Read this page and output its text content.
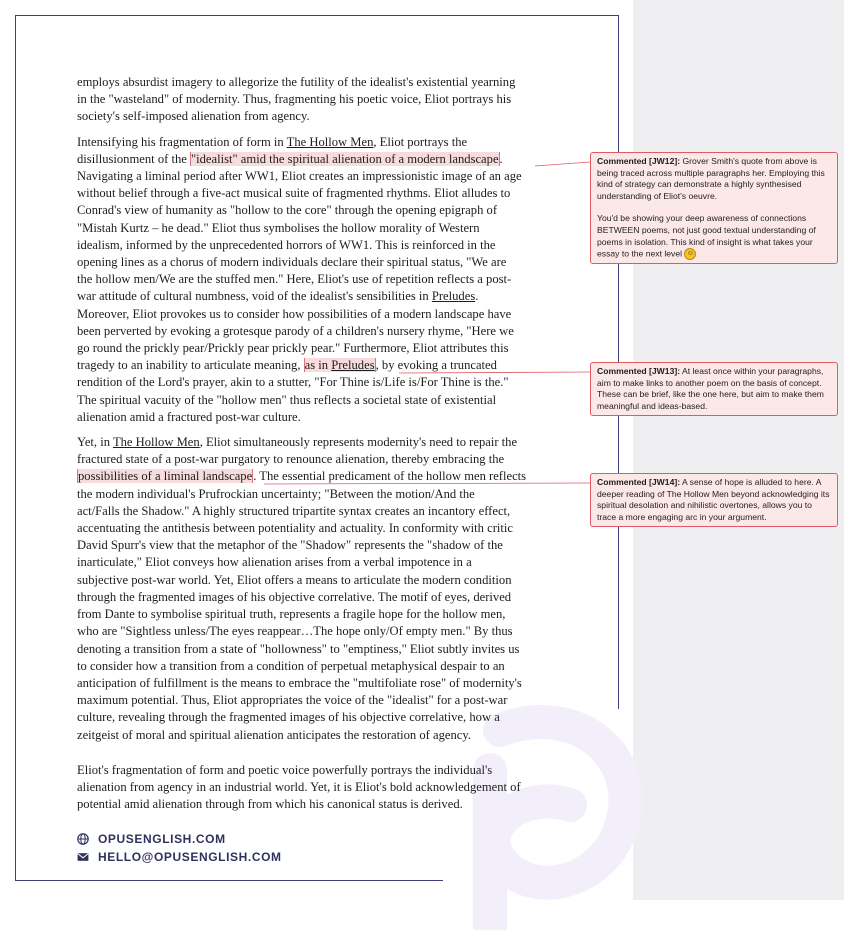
employs absurdist imagery to allegorize the futility of the idealist's existential yearning
in the "wasteland" of modernity. Thus, fragmenting his poetic voice, Eliot portrays his
society's self-imposed alienation from agency.

Intensifying his fragmentation of form in The Hollow Men, Eliot portrays the
disillusionment of the "idealist" amid the spiritual alienation of a modern landscape.
Navigating a liminal period after WW1, Eliot creates an impressionistic image of an age
without belief through a five-act musical suite of fragmented rhythms. Eliot alludes to
Conrad's view of humanity as "hollow to the core" through the opening epigraph of
"Mistah Kurtz – he dead." Eliot thus symbolises the hollow morality of Western
idealism, informed by the unprecedented horrors of WW1. This is reinforced in the
opening lines as a chorus of modern individuals declare their spiritual status, "We are
the hollow men/We are the stuffed men." Here, Eliot's use of repetition reflects a post-
war attitude of cultural numbness, void of the idealist's sensibilities in Preludes.
Moreover, Eliot provokes us to consider how possibilities of a modern landscape have
been perverted by evoking a grotesque parody of a children's nursery rhyme, "Here we
go round the prickly pear/Prickly pear prickly pear." Furthermore, Eliot attributes this
tragedy to an inability to articulate meaning, as in Preludes, by evoking a truncated
rendition of the Lord's prayer, akin to a stutter, "For Thine is/Life is/For Thine is the."
The spiritual vacuity of the "hollow men" thus reflects a societal state of existential
alienation amid a fractured post-war culture.

Yet, in The Hollow Men, Eliot simultaneously represents modernity's need to repair the
fractured state of a post-war purgatory to renounce alienation, thereby embracing the
possibilities of a liminal landscape. The essential predicament of the hollow men reflects
the modern individual's Prufrockian uncertainty; "Between the motion/And the
act/Falls the Shadow." A highly structured tripartite syntax creates an incantory effect,
accentuating the antithesis between potentiality and actuality. In conformity with critic
David Spurr's view that the metaphor of the "Shadow" represents the "shadow of the
inarticulate," Eliot conveys how alienation arises from a verbal impotence in a
subjective post-war world. Yet, Eliot offers a means to articulate the modern condition
through the fragmented images of his objective correlative. The motif of eyes, derived
from Dante to symbolise spiritual truth, represents a fragile hope for the hollow men,
who are "Sightless unless/The eyes reappear…The hope only/Of empty men." By thus
denoting a transition from a state of "hollowness" to "emptiness," Eliot subtly invites us
to consider how a transition from a condition of perpetual metaphysical despair to an
anticipation of fulfillment is the means to embrace the "multifoliate rose" of modernity's
maximum potential. Thus, Eliot appropriates the voice of the "idealist" for a post-war
culture, revealing through the fragmented images of his objective correlative, how a
zeitgeist of moral and spiritual alienation anticipates the restoration of agency.

Eliot's fragmentation of form and poetic voice powerfully portrays the individual's
alienation from agency in an industrial world. Yet, it is Eliot's bold acknowledgement of
potential amid alienation through from which his canonical status is derived.

Commented [JW12]: Grover Smith's quote from above is being traced across multiple paragraphs her. Employing this kind of strategy can demonstrate a highly synthesised understanding of Eliot's oeuvre.
You'd be showing your deep awareness of connections BETWEEN poems, not just good textual understanding of poems in isolation. This kind of insight is what takes your essay to the next level ☺
Commented [JW13]: At least once within your paragraphs, aim to make links to another poem on the basis of concept. These can be brief, like the one here, but aim to make them meaningful and ideas-based.
Commented [JW14]: A sense of hope is alluded to here. A deeper reading of The Hollow Men beyond acknowledging its spiritual desolation and nihilistic overtones, allows you to trace a more engaging arc in your argument.
OPUSENGLISH.COM
HELLO@OPUSENGLISH.COM
